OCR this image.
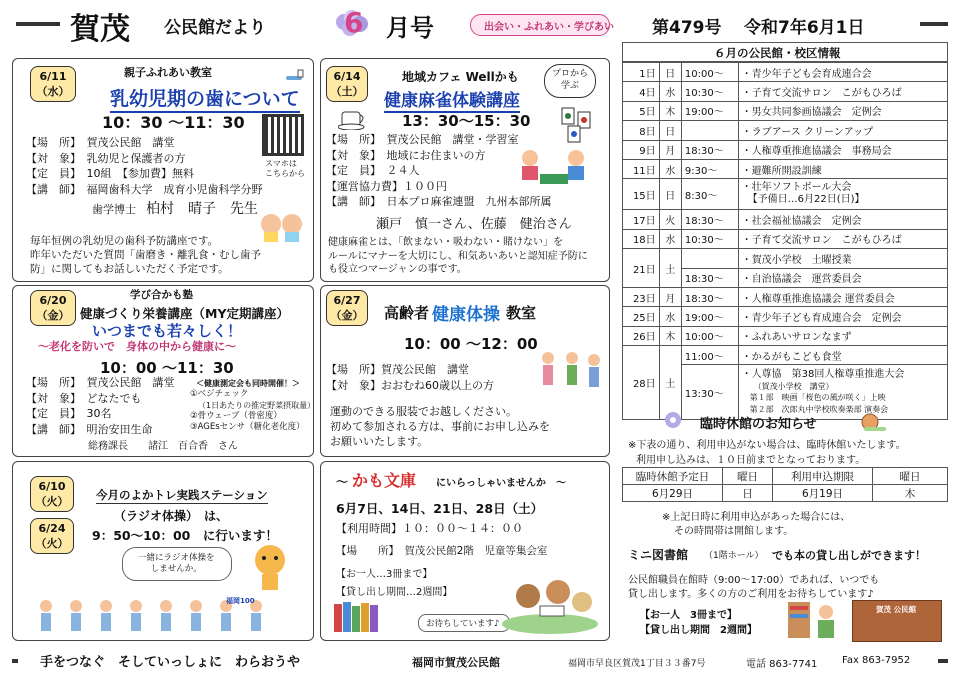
賀茂 公民館だより	6 月号	出会い・ふれあい・学びあい 第479号 令和7年6月1日
6/11
（水）
親子ふれあい教室
乳幼児期の歯について
10：30 ～11：30
【場　所】　賀茂公民館　講堂
【対　象】　乳幼児と保護者の方
【定　員】　10組　【参加費】無料
【講　師】　福岡歯科大学　成育小児歯科学分野
歯学博士 柏村　晴子　先生
スマホは
こちらから
毎年恒例の乳幼児の歯科予防講座です。
昨年いただいた質問「歯磨き・離乳食・むし歯予
防」に関してもお話しいただく予定です。
6/14
（土）
地域カフェ Wellかも	プロから
学ぶ
健康麻雀体験講座
13：30～15：30
【場　所】　賀茂公民館　講堂・学習室
【対　象】　地域にお住まいの方
【定　員】　２４人
【運営協力費】１００円
【講　師】　日本プロ麻雀連盟　九州本部所属
瀬戸　慎一さん、佐藤　健治さん
健康麻雀とは、「飲まない・吸わない・賭けない」を
ルールにマナーを大切にし、和気あいあいと認知症予防に
も役立つマージャンの事です。
6/20
（金）
学び合かも塾
健康づくり栄養講座（MY定期講座）
いつまでも若々しく！
～老化を防いで　身体の中から健康に～
10：00 ～11：30
【場　所】　賀茂公民館　講堂
【対　象】　どなたでも
【定　員】　30名
【講　師】　明治安田生命
総務課長　　諸江　百合香　さん
＜健康測定会も同時開催！＞
①ベジチェック
（1日あたりの推定野菜摂取量）
②骨ウェーブ（骨密度）
③AGEsセンサ（糖化老化度）
6/27
（金） 高齢者 健康体操 教室
10：00 ～12：00
【場　所】賀茂公民館　講堂
【対　象】おおむね60歳以上の方
運動のできる服装でお越しください。
初めて参加される方は、事前にお申し込みを
お願いいたします。
6/10
（火）
6/24
（火）
今月のよかトレ実践ステーション
（ラジオ体操）　は、
9：50～10：00　に行います！
一緒にラジオ体操を
しませんか。
福岡100
～ かも文庫 にいらっしゃいませんか　～
6月7日、14日、21日、28日（土）
【利用時間】１０：００～１４：００
【場　　所】　賀茂公民館2階　児童等集会室
【お一人…3冊まで】
【貸し出し期間…2週間】
お待ちしています♪
６月の公民館・校区情報
1日	日	10:00～	・青少年子ども会育成連合会
4日	水	10:30～	・子育て交流サロン　こがもひろば
5日	木	19:00～	・男女共同参画協議会　定例会
8日	日		・ラブアース クリーンアップ
9日	月	18:30～	・人権尊重推進協議会　事務局会
11日	水	9:30～	・避難所開設訓練
15日	日	8:30～	・壮年ソフトボール大会
【予備日…6月22日(日)】

17日	火	18:30～	・社会福祉協議会　定例会
18日	水	10:30～	・子育て交流サロン　こがもひろば
21日	土		・賀茂小学校　土曜授業
		18:30～	・自治協議会　運営委員会
23日	月	18:30～	・人権尊重推進協議会 運営委員会
25日	水	19:00～	・青少年子ども育成連合会　定例会
26日	木	10:00～	・ふれあいサロンなまず
28日	土	11:00～	・かるがもこども食堂
		13:30～	・人尊協　第38回人権尊重推進大会
（賀茂小学校　講堂）
第１部　映画「桜色の風が咲く」上映
第２部　次郎丸中学校吹奏楽部 演奏会
臨時休館のお知らせ
※下表の通り、利用申込がない場合は、臨時休館いたします。
利用申し込みは、１０日前までとなっております。
臨時休館予定日	曜日	利用申込期限	曜日
6月29日	日	6月19日	木
※上記日時に利用申込があった場合には、
その時間帯は開館します。
ミニ図書館 （1階ホール） でも本の貸し出しができます！
公民館職員在館時（9:00～17:00）であれば、いつでも
貸し出します。多くの方のご利用をお待ちしています♪
【お一人　3冊まで】
【貸し出し期間　2週間】
賀茂 公民館
手をつなぐ　そしていっしょに　わらおうや	福岡市賀茂公民館	福岡市早良区賀茂1丁目３３番7号	電話 863-7741 Fax 863-7952
